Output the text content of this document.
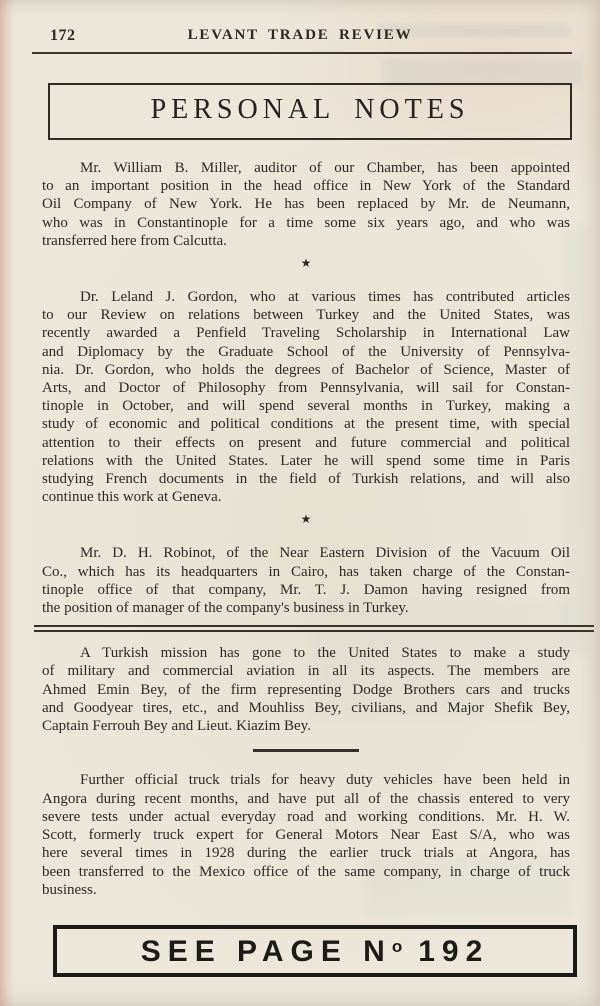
172	LEVANT TRADE REVIEW
PERSONAL NOTES
Mr. William B. Miller, auditor of our Chamber, has been appointed
to an important position in the head office in New York of the Standard
Oil Company of New York. He has been replaced by Mr. de Neumann,
who was in Constantinople for a time some six years ago, and who was
transferred here from Calcutta.
★
Dr. Leland J. Gordon, who at various times has contributed articles
to our Review on relations between Turkey and the United States, was
recently awarded a Penfield Traveling Scholarship in International Law
and Diplomacy by the Graduate School of the University of Pennsylva-
nia. Dr. Gordon, who holds the degrees of Bachelor of Science, Master of
Arts, and Doctor of Philosophy from Pennsylvania, will sail for Constan-
tinople in October, and will spend several months in Turkey, making a
study of economic and political conditions at the present time, with special
attention to their effects on present and future commercial and political
relations with the United States. Later he will spend some time in Paris
studying French documents in the field of Turkish relations, and will also
continue this work at Geneva.
★
Mr. D. H. Robinot, of the Near Eastern Division of the Vacuum Oil
Co., which has its headquarters in Cairo, has taken charge of the Constan-
tinople office of that company, Mr. T. J. Damon having resigned from
the position of manager of the company's business in Turkey.
A Turkish mission has gone to the United States to make a study
of military and commercial aviation in all its aspects. The members are
Ahmed Emin Bey, of the firm representing Dodge Brothers cars and trucks
and Goodyear tires, etc., and Mouhliss Bey, civilians, and Major Shefik Bey,
Captain Ferrouh Bey and Lieut. Kiazim Bey.
Further official truck trials for heavy duty vehicles have been held in
Angora during recent months, and have put all of the chassis entered to very
severe tests under actual everyday road and working conditions. Mr. H. W.
Scott, formerly truck expert for General Motors Near East S/A, who was
here several times in 1928 during the earlier truck trials at Angora, has
been transferred to the Mexico office of the same company, in charge of truck
business.
SEE PAGE No 192
